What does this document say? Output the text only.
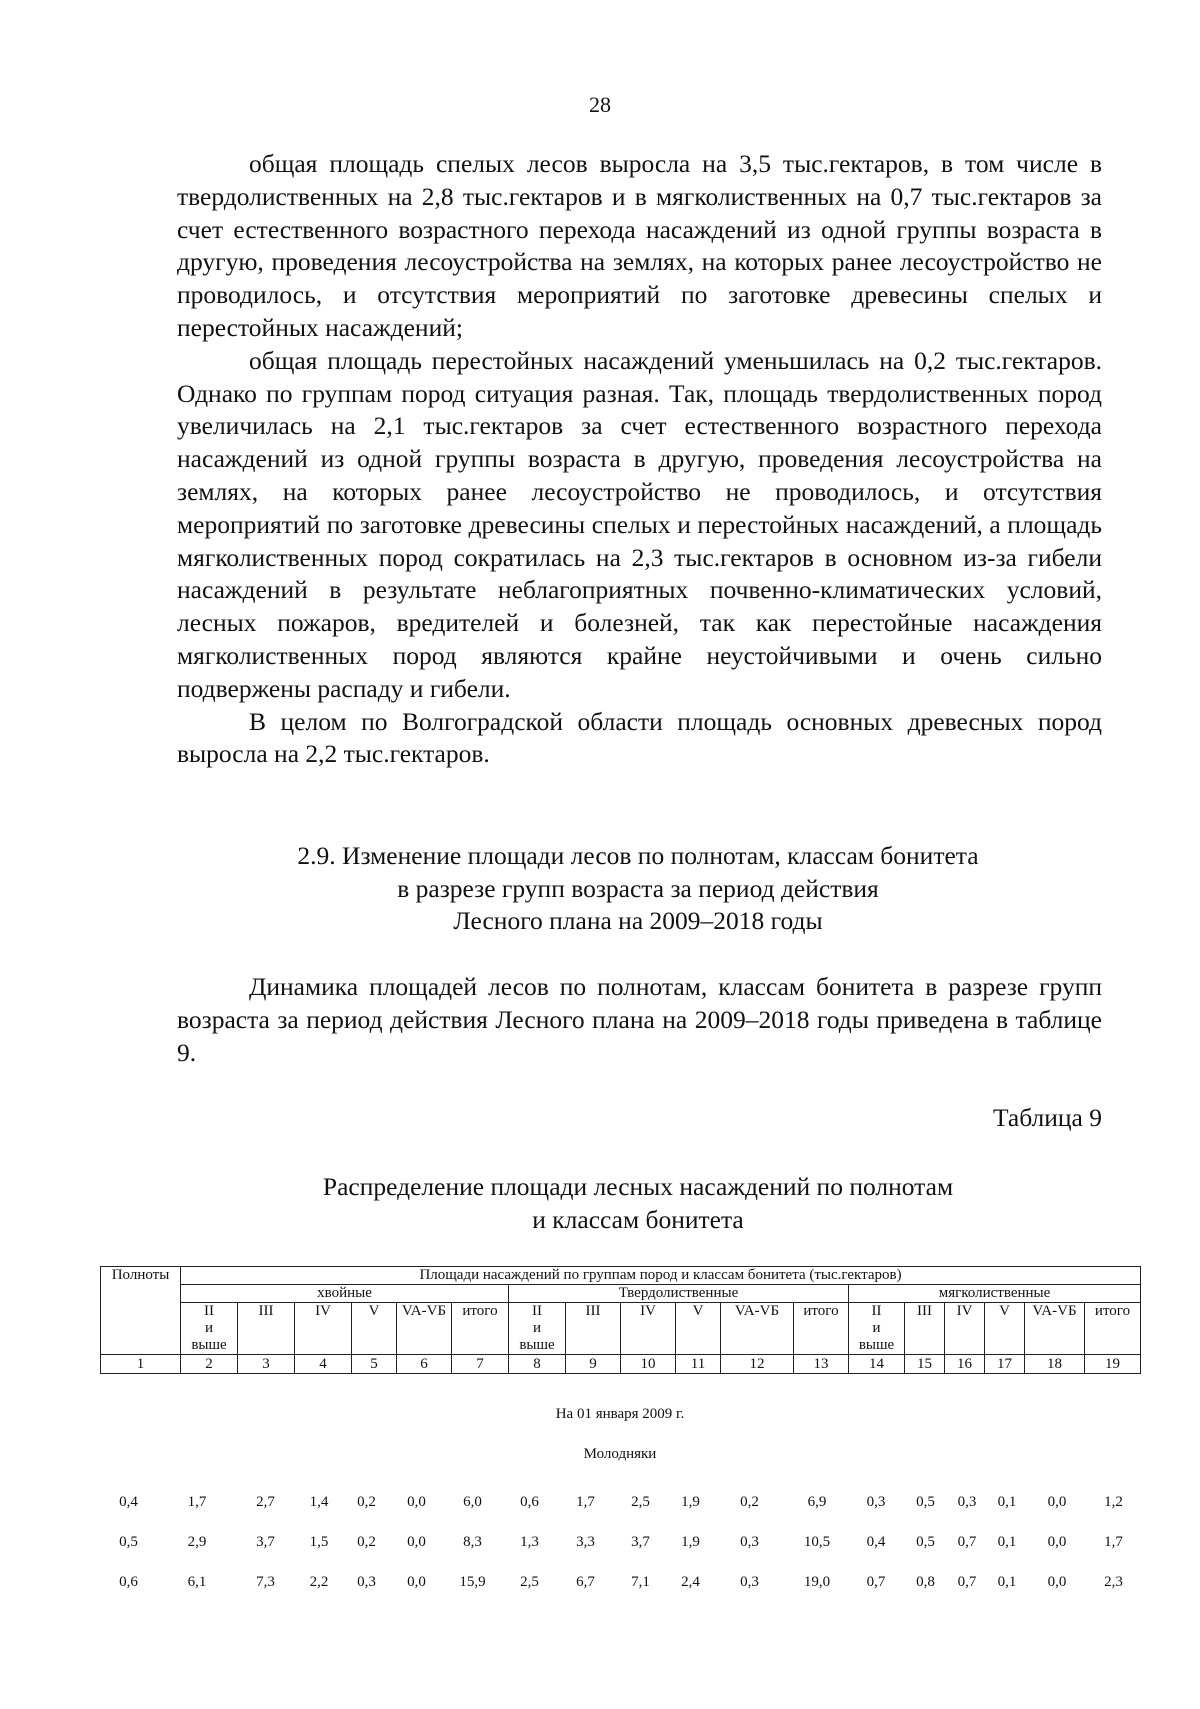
28

общая площадь спелых лесов выросла на 3,5 тыс.гектаров, в том числе в твердолиственных на 2,8 тыс.гектаров и в мягколиственных на 0,7 тыс.гектаров за счет естественного возрастного перехода насаждений из одной группы возраста в другую, проведения лесоустройства на землях, на которых ранее лесоустройство не проводилось, и отсутствия мероприятий по заготовке древесины спелых и перестойных насаждений;

общая площадь перестойных насаждений уменьшилась на 0,2 тыс.гектаров. Однако по группам пород ситуация разная. Так, площадь твердолиственных пород увеличилась на 2,1 тыс.гектаров за счет естественного возрастного перехода насаждений из одной группы возраста в другую, проведения лесоустройства на землях, на которых ранее лесоустройство не проводилось, и отсутствия мероприятий по заготовке древесины спелых и перестойных насаждений, а площадь мягколиственных пород сократилась на 2,3 тыс.гектаров в основном из-за гибели насаждений в результате неблагоприятных почвенно-климатических условий, лесных пожаров, вредителей и болезней, так как перестойные насаждения мягколиственных пород являются крайне неустойчивыми и очень сильно подвержены распаду и гибели.

В целом по Волгоградской области площадь основных древесных пород выросла на 2,2 тыс.гектаров.

2.9. Изменение площади лесов по полнотам, классам бонитета
в разрезе групп возраста за период действия
Лесного плана на 2009–2018 годы

Динамика площадей лесов по полнотам, классам бонитета в разрезе групп возраста за период действия Лесного плана на 2009–2018 годы приведена в таблице 9.

Таблица 9
Распределение площади лесных насаждений по полнотам
и классам бонитета
Полноты	Площади насаждений по группам пород и классам бонитета (тыс.гектаров)																	
	хвойные						Твердолиственные						мягколиственные					
	II
и
выше	III	IV	V	VA-VБ	итого	II
и
выше	III	IV	V	VA-VБ	итого	II
и
выше	III	IV	V	VA-VБ	итого
1	2	3	4	5	6	7	8	9	10	11	12	13	14	15	16	17	18	19
На 01 января 2009 г.
Молодняки
0,4	1,7	2,7	1,4	0,2	0,0	6,0	0,6	1,7	2,5	1,9	0,2	6,9	0,3	0,5	0,3	0,1	0,0	1,2
0,5	2,9	3,7	1,5	0,2	0,0	8,3	1,3	3,3	3,7	1,9	0,3	10,5	0,4	0,5	0,7	0,1	0,0	1,7
0,6	6,1	7,3	2,2	0,3	0,0	15,9	2,5	6,7	7,1	2,4	0,3	19,0	0,7	0,8	0,7	0,1	0,0	2,3
